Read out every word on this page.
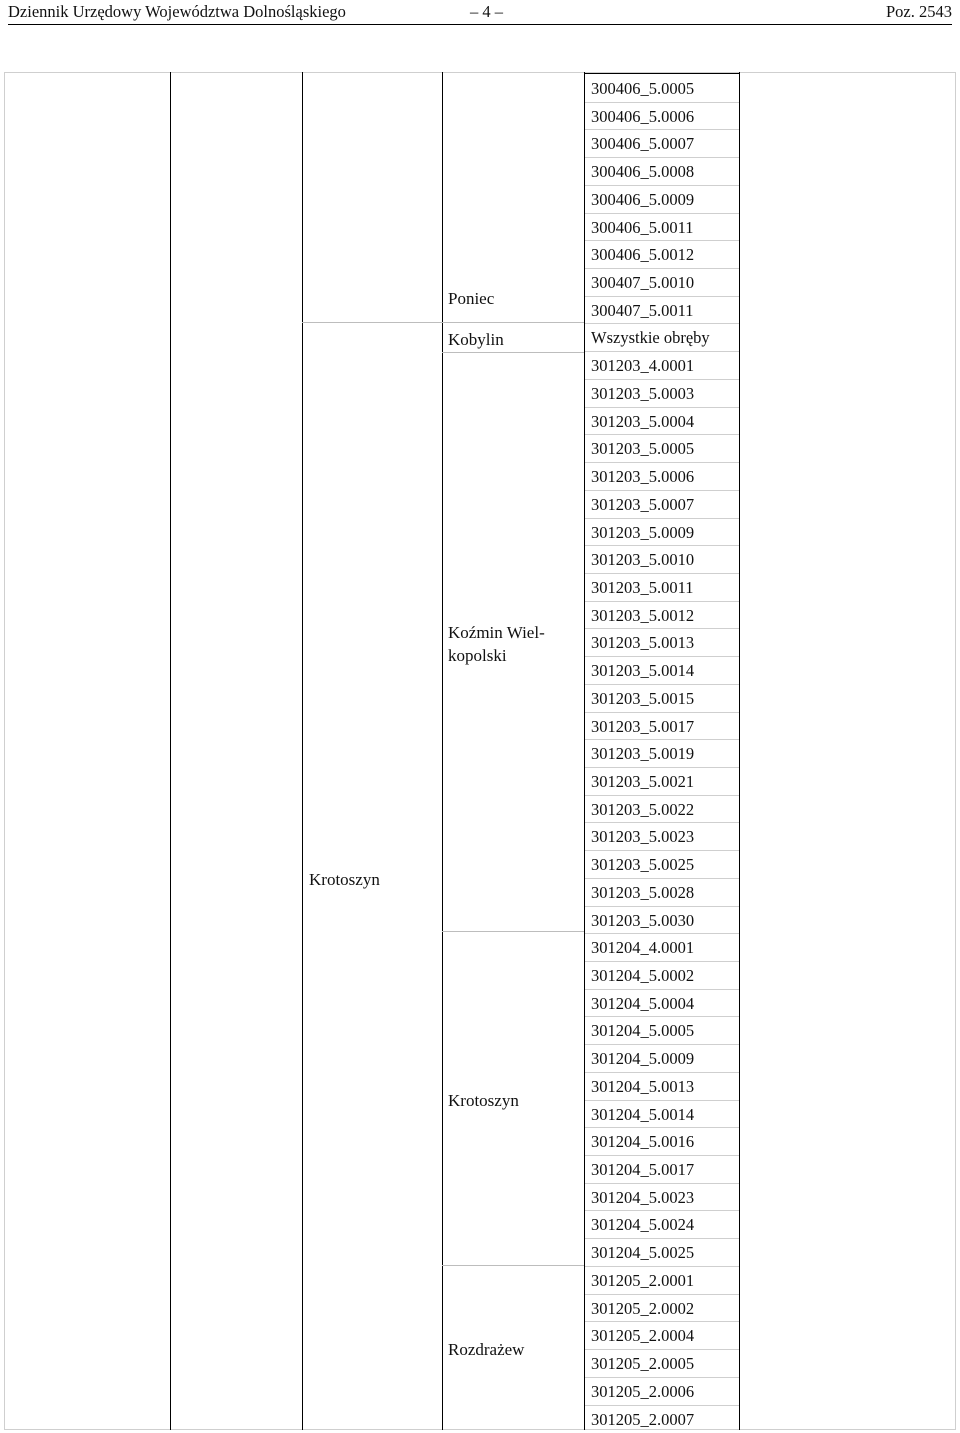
Dziennik Urzędowy Województwa Dolnośląskiego	– 4 –	Poz. 2543
Krotoszyn
Poniec
Kobylin
Koźmin Wiel-
kopolski
Krotoszyn
Rozdrażew
300406_5.0005
300406_5.0006
300406_5.0007
300406_5.0008
300406_5.0009
300406_5.0011
300406_5.0012
300407_5.0010
300407_5.0011
Wszystkie obręby
301203_4.0001
301203_5.0003
301203_5.0004
301203_5.0005
301203_5.0006
301203_5.0007
301203_5.0009
301203_5.0010
301203_5.0011
301203_5.0012
301203_5.0013
301203_5.0014
301203_5.0015
301203_5.0017
301203_5.0019
301203_5.0021
301203_5.0022
301203_5.0023
301203_5.0025
301203_5.0028
301203_5.0030
301204_4.0001
301204_5.0002
301204_5.0004
301204_5.0005
301204_5.0009
301204_5.0013
301204_5.0014
301204_5.0016
301204_5.0017
301204_5.0023
301204_5.0024
301204_5.0025
301205_2.0001
301205_2.0002
301205_2.0004
301205_2.0005
301205_2.0006
301205_2.0007
